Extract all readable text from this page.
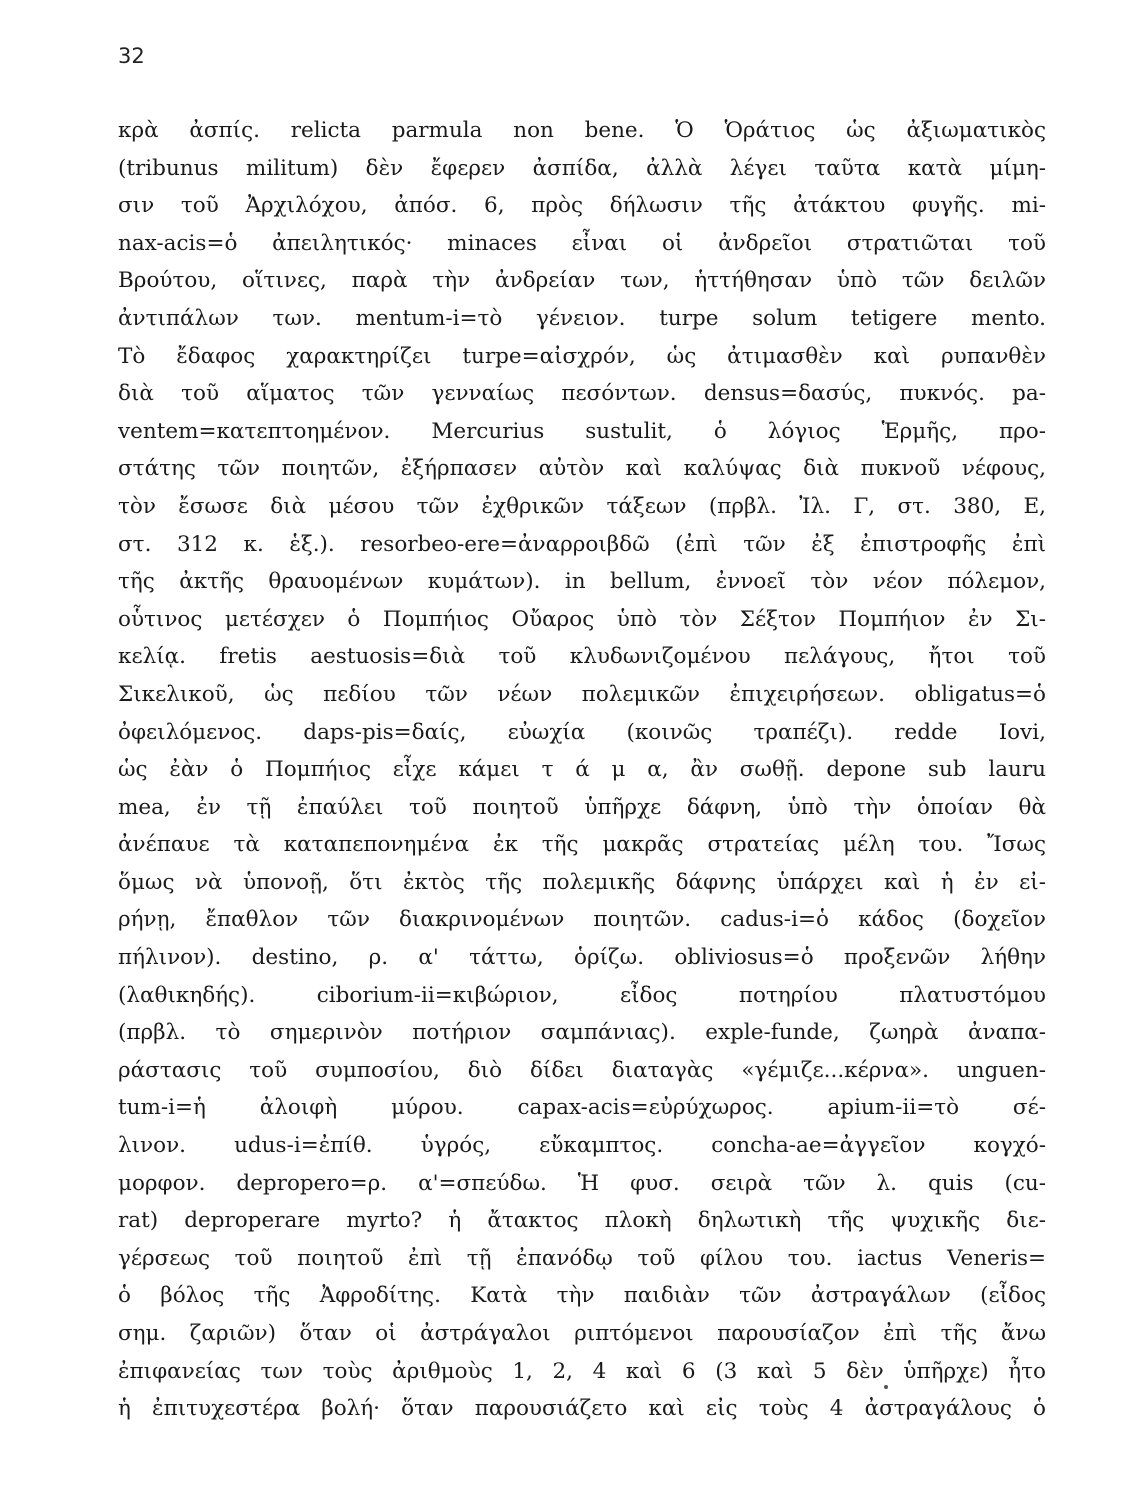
32
κρὰ ἀσπίς. relicta parmula non bene. Ὁ Ὁράτιος ὡς ἀξιωματικὸς
(tribunus militum) δὲν ἔφερεν ἀσπίδα, ἀλλὰ λέγει ταῦτα κατὰ μίμη-
σιν τοῦ Ἀρχιλόχου, ἀπόσ. 6, πρὸς δήλωσιν τῆς ἀτάκτου φυγῆς. mi-
nax-acis=ὁ ἀπειλητικός· minaces εἶναι οἱ ἀνδρεῖοι στρατιῶται τοῦ
Βρούτου, οἵτινες, παρὰ τὴν ἀνδρείαν των, ἡττήθησαν ὑπὸ τῶν δειλῶν
ἀντιπάλων των. mentum-i=τὸ γένειον. turpe solum tetigere mento.
Τὸ ἔδαφος χαρακτηρίζει turpe=αἰσχρόν, ὡς ἀτιμασθὲν καὶ ρυπανθὲν
διὰ τοῦ αἵματος τῶν γενναίως πεσόντων. densus=δασύς, πυκνός. pa-
ventem=κατεπτοημένον. Mercurius sustulit, ὁ λόγιος Ἑρμῆς, προ-
στάτης τῶν ποιητῶν, ἐξήρπασεν αὐτὸν καὶ καλύψας διὰ πυκνοῦ νέφους,
τὸν ἔσωσε διὰ μέσου τῶν ἐχθρικῶν τάξεων (πρβλ. Ἰλ. Γ, στ. 380, Ε,
στ. 312 κ. ἑξ.). resorbeo-ere=ἀναρροιβδῶ (ἐπὶ τῶν ἐξ ἐπιστροφῆς ἐπὶ
τῆς ἀκτῆς θραυομένων κυμάτων). in bellum, ἐννοεῖ τὸν νέον πόλεμον,
οὗτινος μετέσχεν ὁ Πομπήιος Οὔαρος ὑπὸ τὸν Σέξτον Πομπήιον ἐν Σι-
κελίᾳ. fretis aestuosis=διὰ τοῦ κλυδωνιζομένου πελάγους, ἤτοι τοῦ
Σικελικοῦ, ὡς πεδίου τῶν νέων πολεμικῶν ἐπιχειρήσεων. obligatus=ὁ
ὀφειλόμενος. daps-pis=δαίς, εὐωχία (κοινῶς τραπέζι). redde Iovi,
ὡς ἐὰν ὁ Πομπήιος εἶχε κάμει τ ά μ α, ἂν σωθῇ. depone sub lauru
mea, ἐν τῇ ἐπαύλει τοῦ ποιητοῦ ὑπῆρχε δάφνη, ὑπὸ τὴν ὁποίαν θὰ
ἀνέπαυε τὰ καταπεπονημένα ἐκ τῆς μακρᾶς στρατείας μέλη του. Ἴσως
ὅμως νὰ ὑπονοῇ, ὅτι ἐκτὸς τῆς πολεμικῆς δάφνης ὑπάρχει καὶ ἡ ἐν εἰ-
ρήνῃ, ἔπαθλον τῶν διακρινομένων ποιητῶν. cadus-i=ὁ κάδος (δοχεῖον
πήλινον). destino, ρ. α' τάττω, ὁρίζω. obliviosus=ὁ προξενῶν λήθην
(λαθικηδής). ciborium-ii=κιβώριον, εἶδος ποτηρίου πλατυστόμου
(πρβλ. τὸ σημερινὸν ποτήριον σαμπάνιας). exple-funde, ζωηρὰ ἀναπα-
ράστασις τοῦ συμποσίου, διὸ δίδει διαταγὰς «γέμιζε...κέρνα». unguen-
tum-i=ἡ ἀλοιφὴ μύρου. capax-acis=εὐρύχωρος. apium-ii=τὸ σέ-
λινον. udus-i=ἐπίθ. ὑγρός, εὔκαμπτος. concha-ae=ἀγγεῖον κογχό-
μορφον. depropero=ρ. α'=σπεύδω. Ἡ φυσ. σειρὰ τῶν λ. quis (cu-
rat) deproperare myrto? ἡ ἄτακτος πλοκὴ δηλωτικὴ τῆς ψυχικῆς διε-
γέρσεως τοῦ ποιητοῦ ἐπὶ τῇ ἐπανόδῳ τοῦ φίλου του. iactus Veneris=
ὁ βόλος τῆς Ἀφροδίτης. Κατὰ τὴν παιδιὰν τῶν ἀστραγάλων (εἶδος
σημ. ζαριῶν) ὅταν οἱ ἀστράγαλοι ριπτόμενοι παρουσίαζον ἐπὶ τῆς ἄνω
ἐπιφανείας των τοὺς ἀριθμοὺς 1, 2, 4 καὶ 6 (3 καὶ 5 δὲν ὑπῆρχε) ἦτο
ἡ ἐπιτυχεστέρα βολή· ὅταν παρουσιάζετο καὶ εἰς τοὺς 4 ἀστραγάλους ὁ
